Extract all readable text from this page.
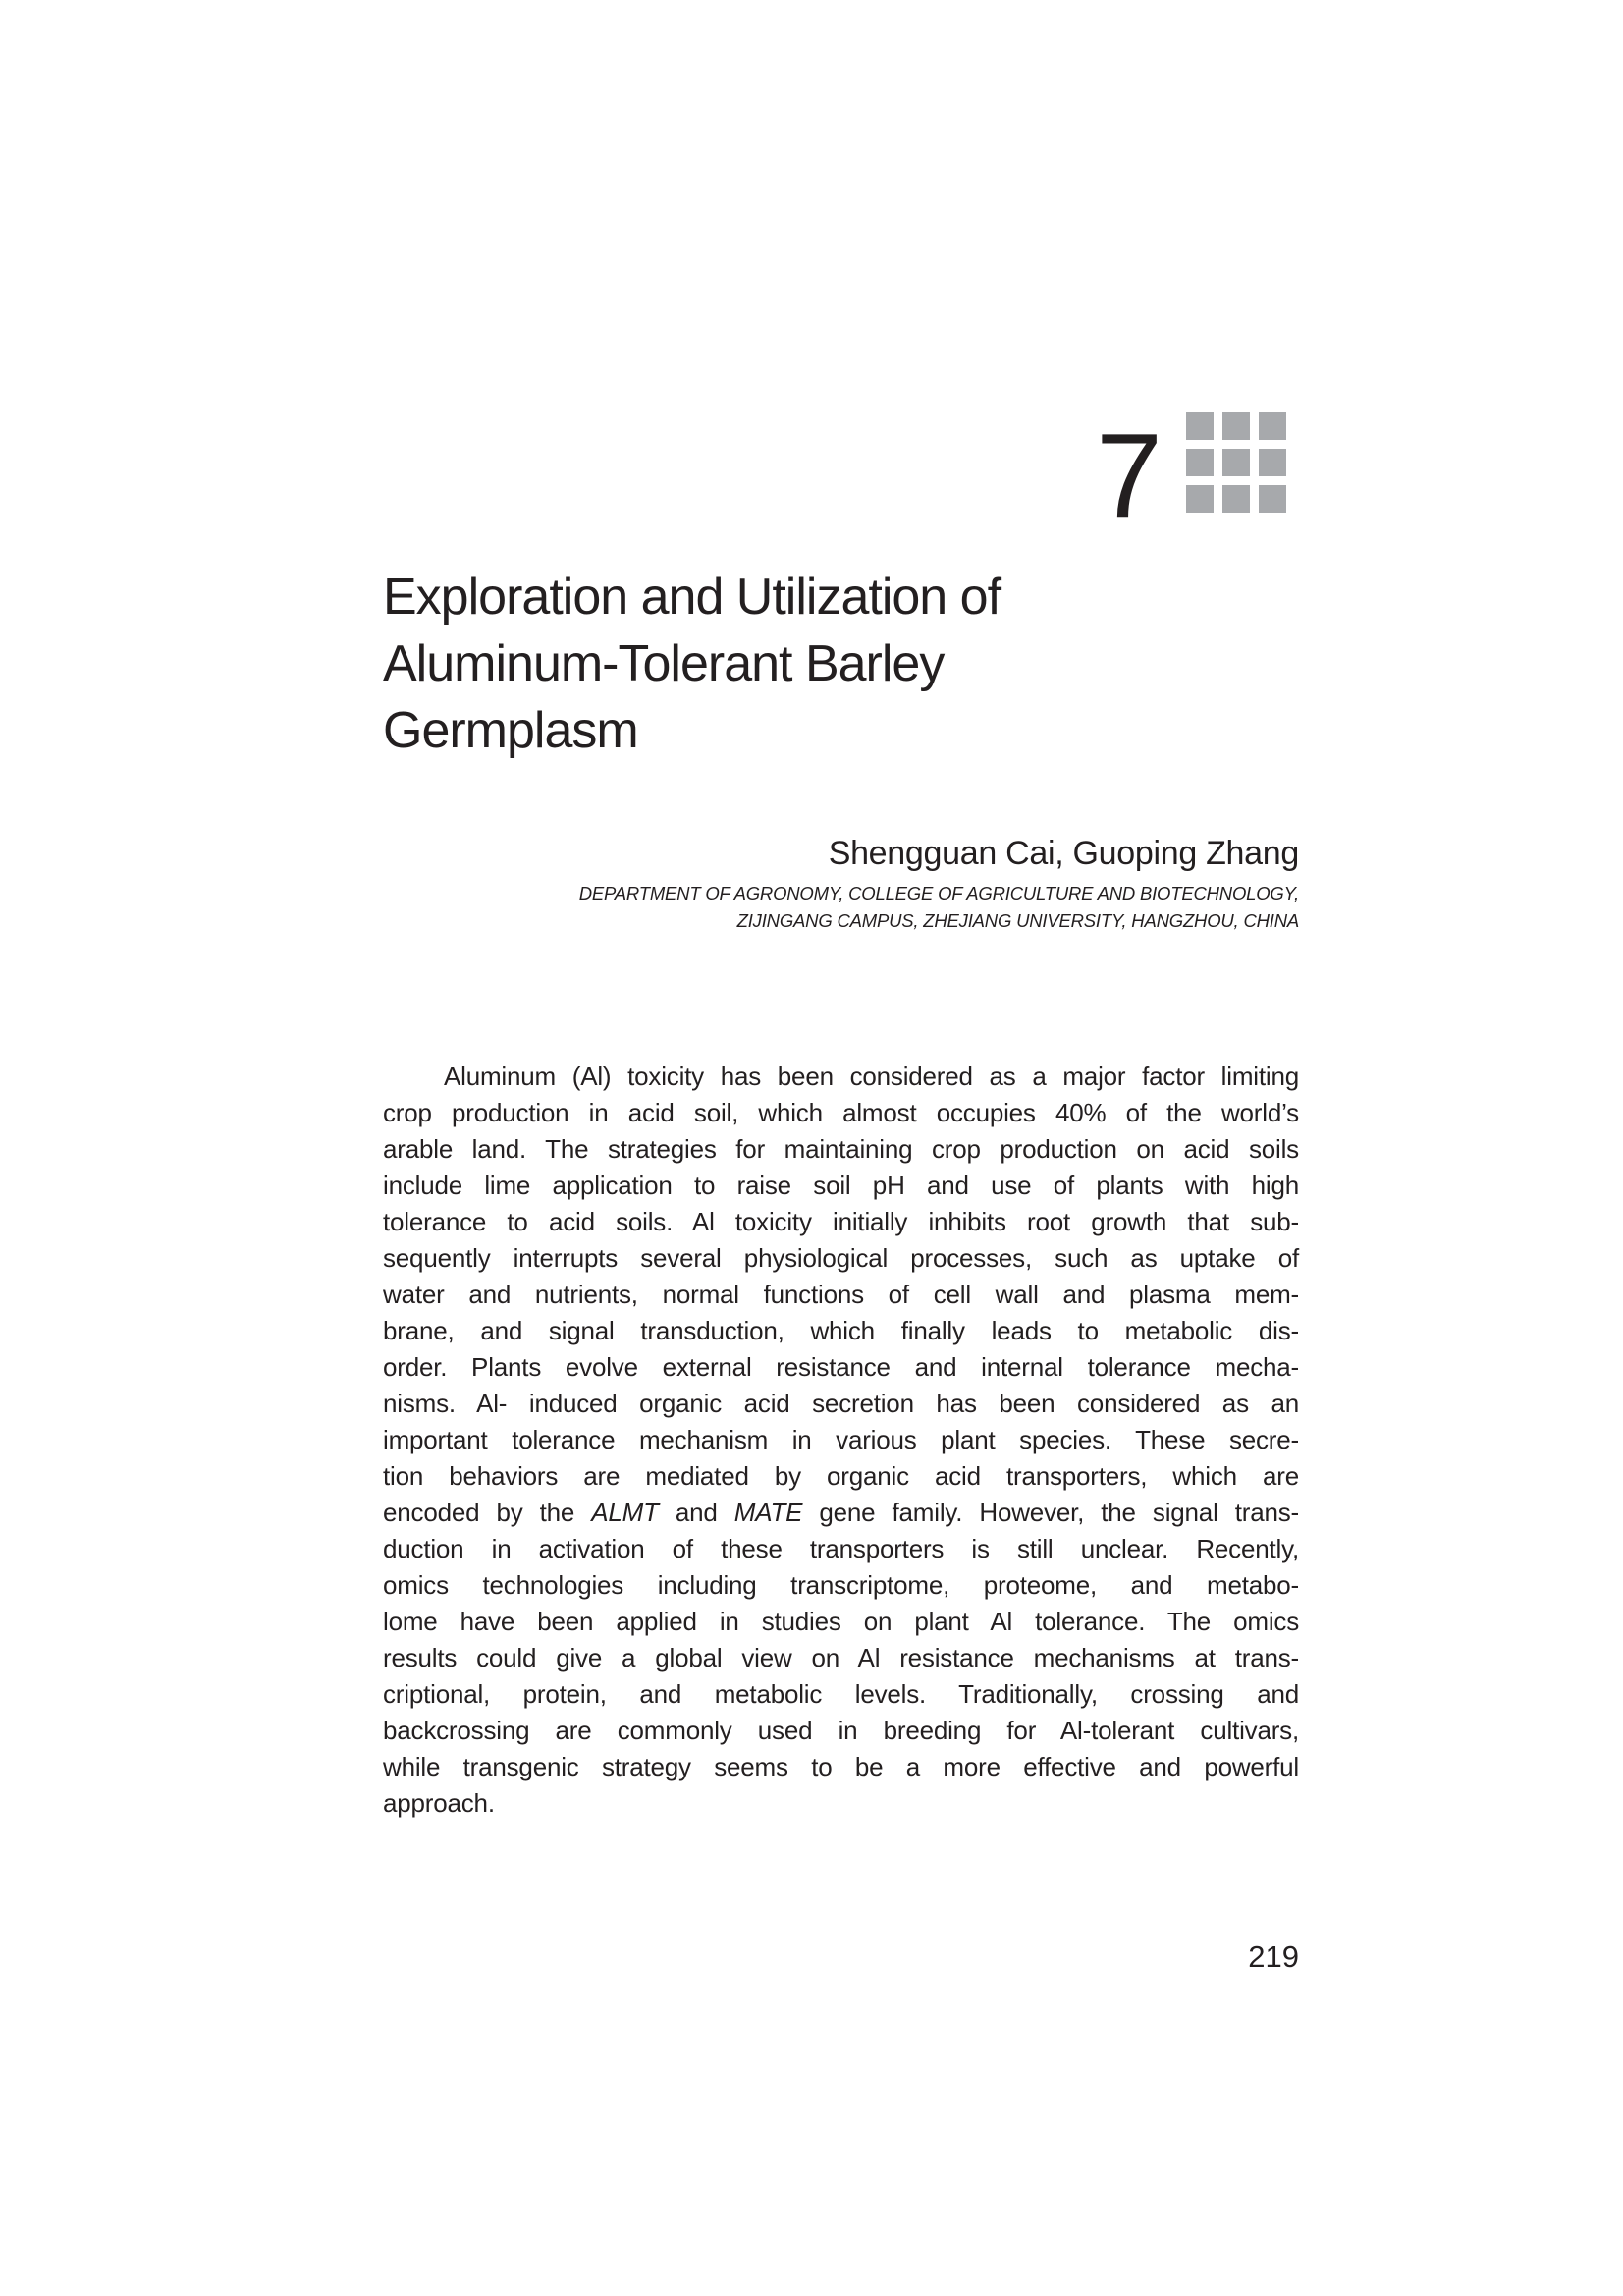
7
Exploration and Utilization of
Aluminum-Tolerant Barley
Germplasm
Shengguan Cai, Guoping Zhang
DEPARTMENT OF AGRONOMY, COLLEGE OF AGRICULTURE AND BIOTECHNOLOGY,
ZIJINGANG CAMPUS, ZHEJIANG UNIVERSITY, HANGZHOU, CHINA
Aluminum (Al) toxicity has been considered as a major factor limiting
crop production in acid soil, which almost occupies 40% of the world’s
arable land. The strategies for maintaining crop production on acid soils
include lime application to raise soil pH and use of plants with high
tolerance to acid soils. Al toxicity initially inhibits root growth that sub-
sequently interrupts several physiological processes, such as uptake of
water and nutrients, normal functions of cell wall and plasma mem-
brane, and signal transduction, which finally leads to metabolic dis-
order. Plants evolve external resistance and internal tolerance mecha-
nisms. Al- induced organic acid secretion has been considered as an
important tolerance mechanism in various plant species. These secre-
tion behaviors are mediated by organic acid transporters, which are
encoded by the ALMT and MATE gene family. However, the signal trans-
duction in activation of these transporters is still unclear. Recently,
omics technologies including transcriptome, proteome, and metabo-
lome have been applied in studies on plant Al tolerance. The omics
results could give a global view on Al resistance mechanisms at trans-
criptional, protein, and metabolic levels. Traditionally, crossing and
backcrossing are commonly used in breeding for Al-tolerant cultivars,
while transgenic strategy seems to be a more effective and powerful
approach.
219
